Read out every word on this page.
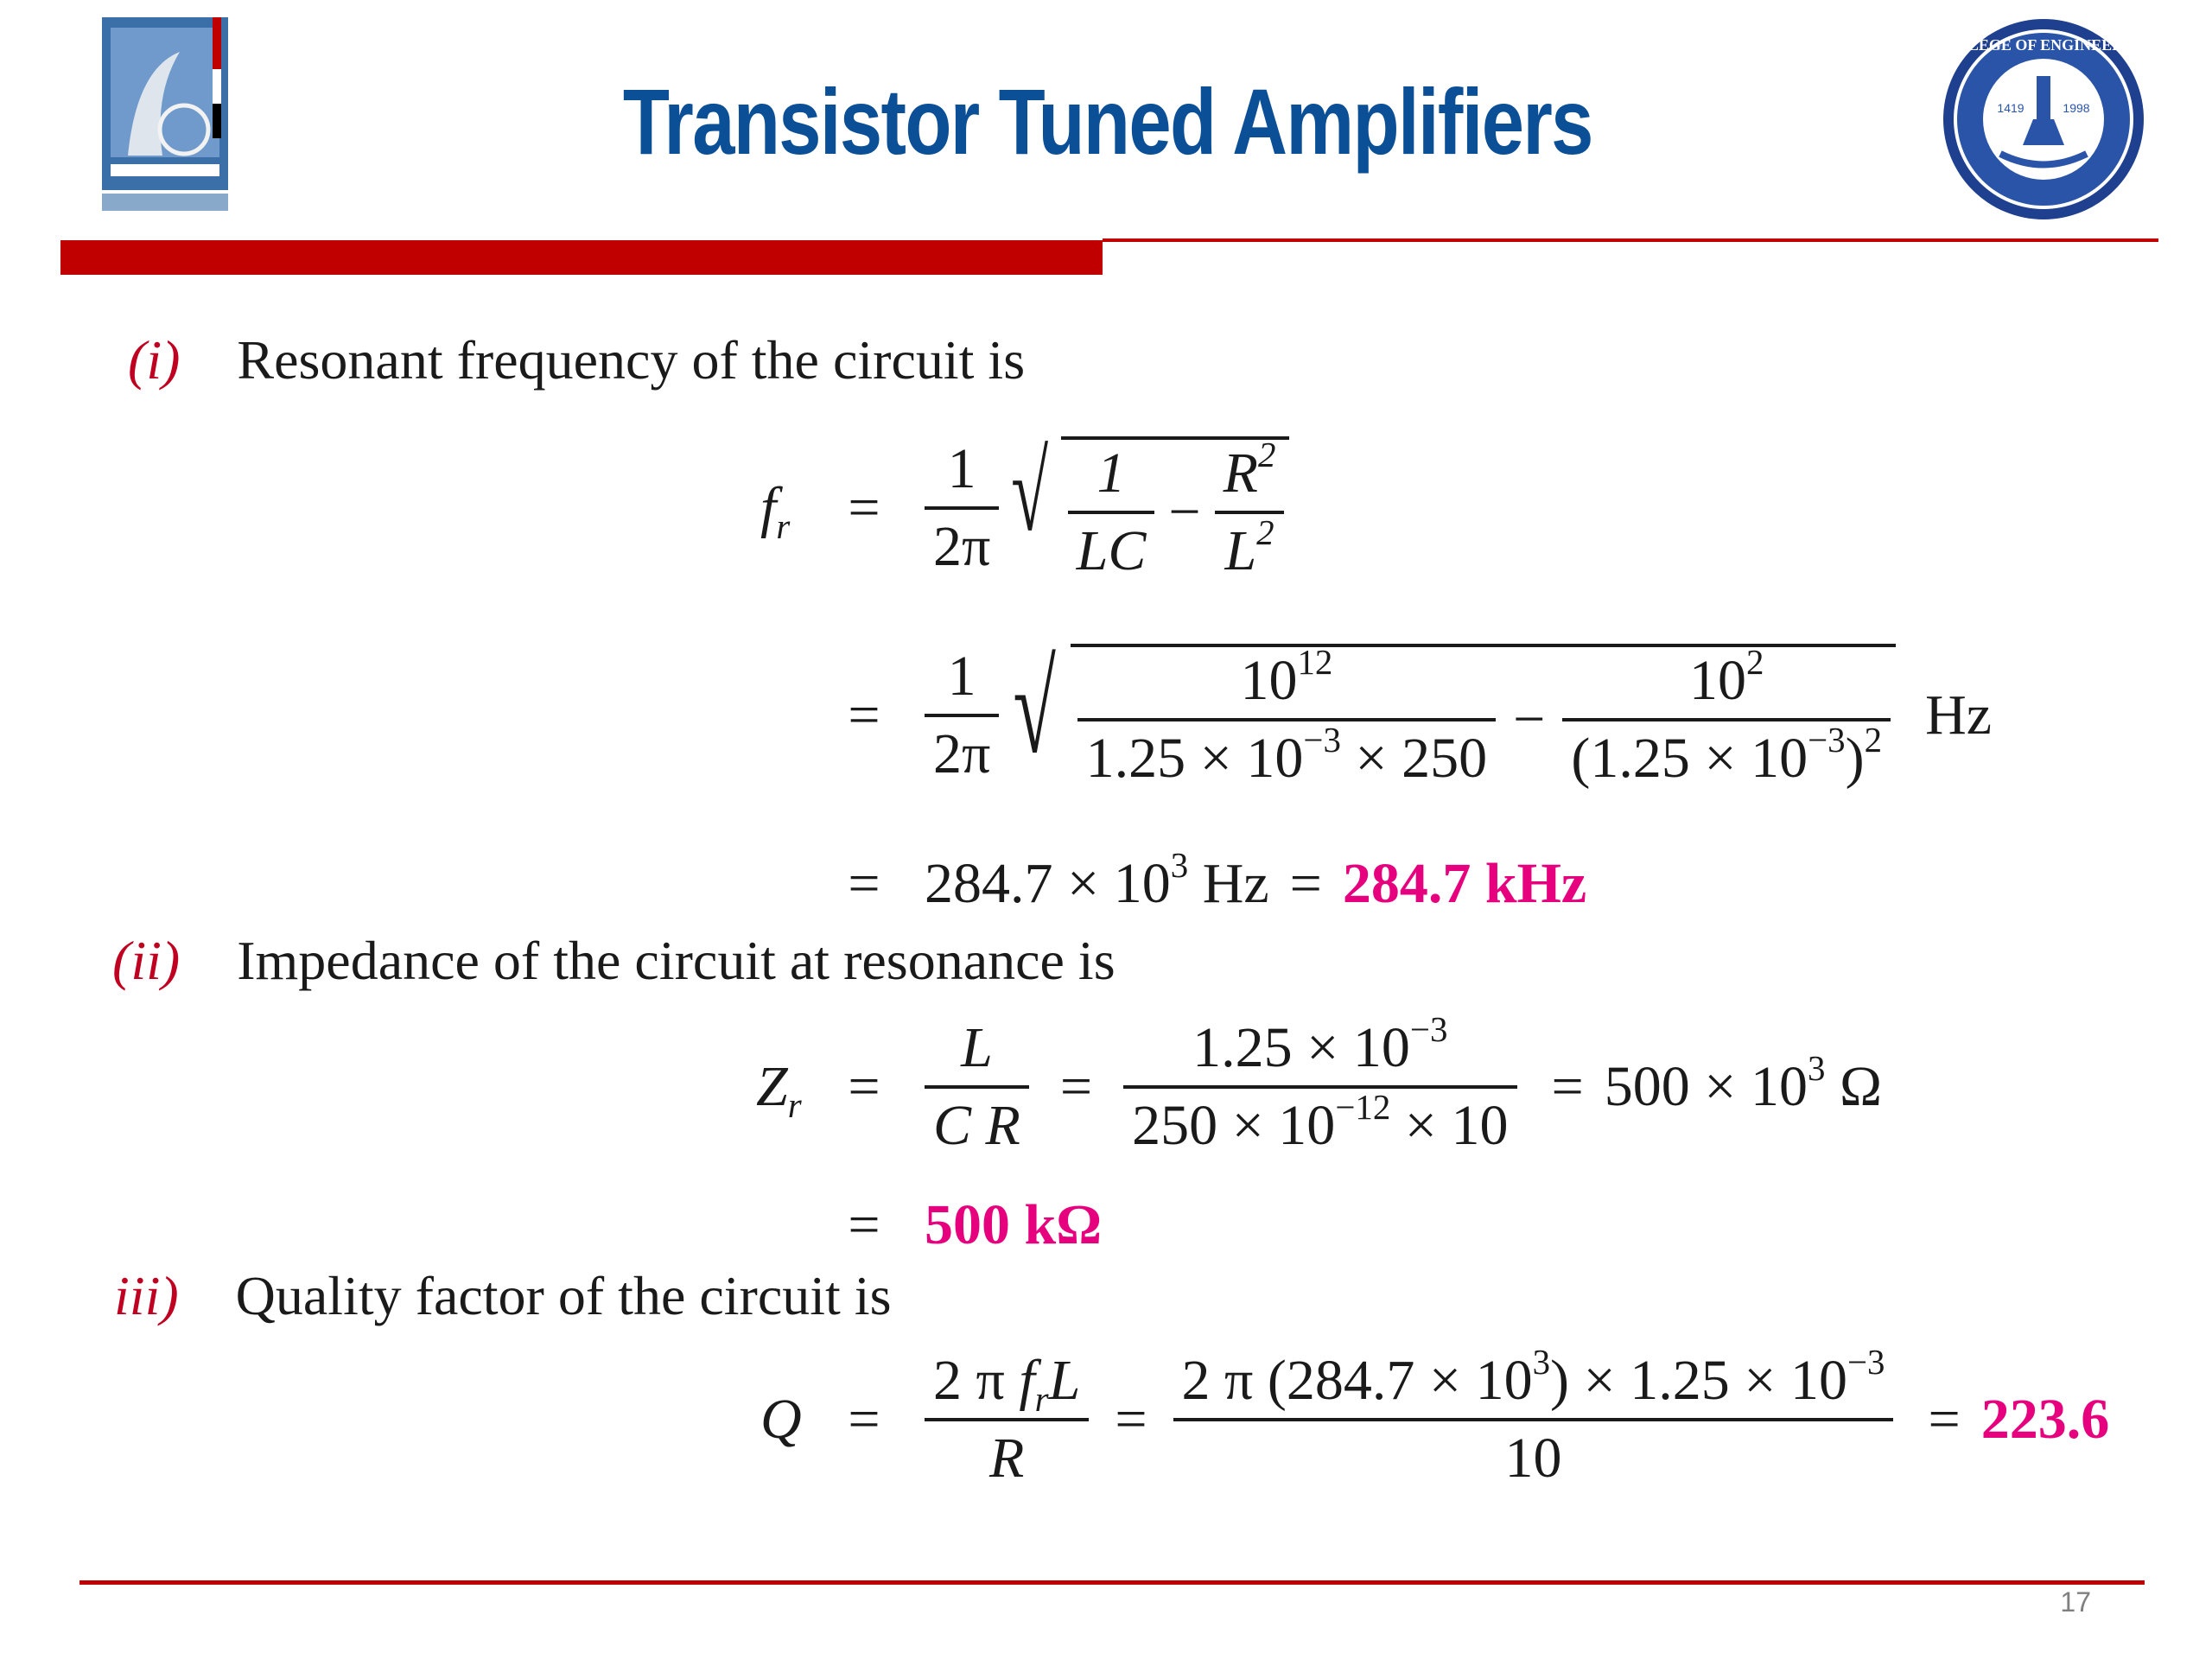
Transistor Tuned Amplifiers
COLLEGE OF ENGINEERING
1419	1998
(i) Resonant frequency of the circuit is
$f_r$	= $\frac{1}{2\pi}$ √ $\frac{1}{LC} - \frac{R^2}{L^2}$
= $\frac{1}{2\pi}$ √ $\frac{10^{12}}{1.25 \times 10^{-3} \times 250} - \frac{10^2}{(1.25 \times 10^{-3})^2}$ Hz
= $284.7 \times 10^3$ Hz = 284.7 kHz
(ii) Impedance of the circuit at resonance is
$Z_r = \frac{L}{\text{C R}} = \frac{1.25 \times 10^{-3}}{250 \times 10^{-12} \times 10} = 500 \times 10^3$ Ω
= 500 kΩ
iii) Quality factor of the circuit is
$Q = \frac{2 \pi f_rL}{R} = \frac{2 \pi (284.7 \times 10^3) \times 1.25 \times 10^{-3}}{10} = 223.6$
17
